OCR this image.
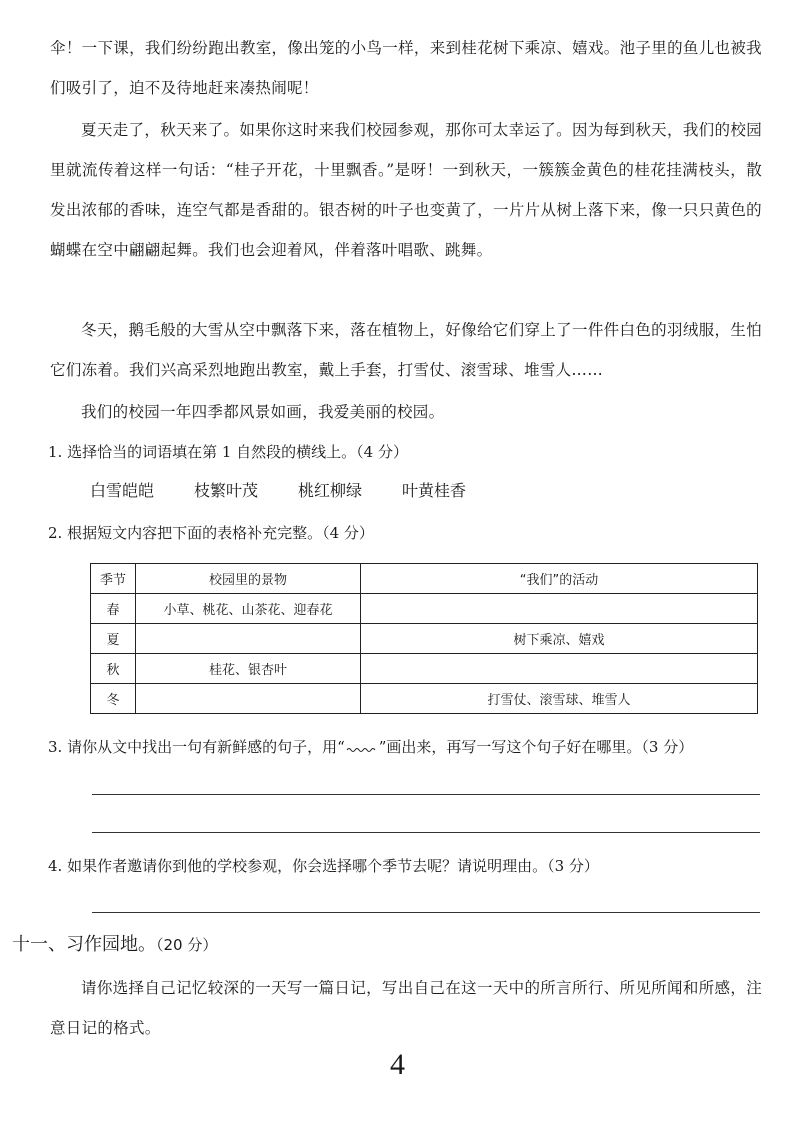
伞！一下课，我们纷纷跑出教室，像出笼的小鸟一样，来到桂花树下乘凉、嬉戏。池子里的鱼儿也被我们吸引了，迫不及待地赶来凑热闹呢！

夏天走了，秋天来了。如果你这时来我们校园参观，那你可太幸运了。因为每到秋天，我们的校园里就流传着这样一句话：“桂子开花，十里飘香。”是呀！一到秋天，一簇簇金黄色的桂花挂满枝头，散发出浓郁的香味，连空气都是香甜的。银杏树的叶子也变黄了，一片片从树上落下来，像一只只黄色的蝴蝶在空中翩翩起舞。我们也会迎着风，伴着落叶唱歌、跳舞。

冬天，鹅毛般的大雪从空中飘落下来，落在植物上，好像给它们穿上了一件件白色的羽绒服，生怕它们冻着。我们兴高采烈地跑出教室，戴上手套，打雪仗、滚雪球、堆雪人……

我们的校园一年四季都风景如画，我爱美丽的校园。

1. 选择恰当的词语填在第 1 自然段的横线上。（4 分）

白雪皑皑	枝繁叶茂	桃红柳绿	叶黄桂香

2. 根据短文内容把下面的表格补充完整。（4 分）

季节	校园里的景物	“我们”的活动
春	小草、桃花、山茶花、迎春花	
夏		树下乘凉、嬉戏
秋	桂花、银杏叶	
冬		打雪仗、滚雪球、堆雪人

3. 请你从文中找出一句有新鲜感的句子，用“ ”画出来，再写一写这个句子好在哪里。（3 分）

4. 如果作者邀请你到他的学校参观，你会选择哪个季节去呢？请说明理由。（3 分）

十一、习作园地。（20 分）

请你选择自己记忆较深的一天写一篇日记，写出自己在这一天中的所言所行、所见所闻和所感，注意日记的格式。

4
